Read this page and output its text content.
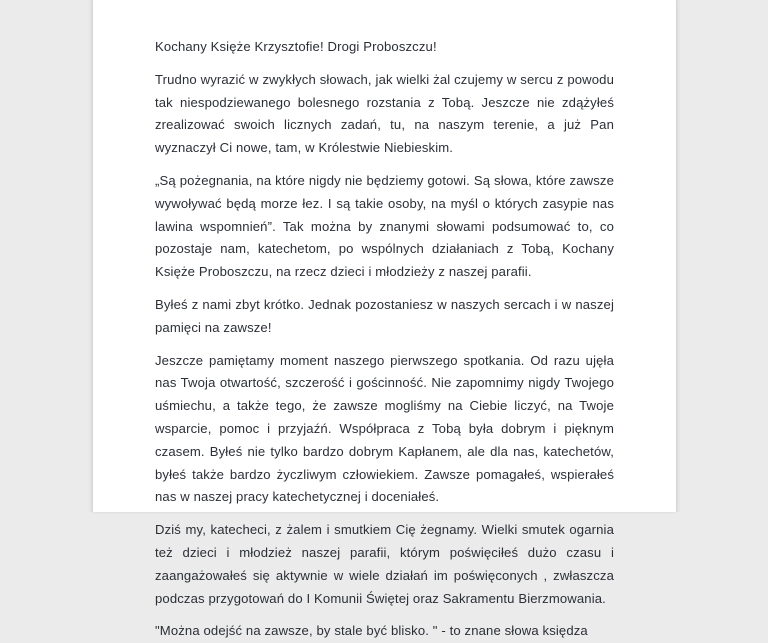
Kochany Księże Krzysztofie! Drogi Proboszczu!

Trudno wyrazić w zwykłych słowach, jak wielki żal czujemy w sercu z powodu tak niespodziewanego bolesnego rozstania z Tobą. Jeszcze nie zdążyłeś zrealizować swoich licznych zadań, tu, na naszym terenie, a już Pan wyznaczył Ci nowe, tam, w Królestwie Niebieskim.

„Są pożegnania, na które nigdy nie będziemy gotowi. Są słowa, które zawsze wywoływać będą morze łez. I są takie osoby, na myśl o których zasypie nas lawina wspomnień”. Tak można by znanymi słowami podsumować to, co pozostaje nam, katechetom, po wspólnych działaniach z Tobą, Kochany Księże Proboszczu, na rzecz dzieci i młodzieży z naszej parafii.

Byłeś z nami zbyt krótko. Jednak pozostaniesz w naszych sercach i w naszej pamięci na zawsze!

Jeszcze pamiętamy moment naszego pierwszego spotkania. Od razu ujęła nas Twoja otwartość, szczerość i gościnność. Nie zapomnimy nigdy Twojego uśmiechu, a także tego, że zawsze mogliśmy na Ciebie liczyć, na Twoje wsparcie, pomoc i przyjaźń. Współpraca z Tobą była dobrym i pięknym czasem. Byłeś nie tylko bardzo dobrym Kapłanem, ale dla nas, katechetów, byłeś także bardzo życzliwym człowiekiem. Zawsze pomagałeś, wspierałeś nas w naszej pracy katechetycznej i doceniałeś.

Dziś my, katecheci, z żalem i smutkiem Cię żegnamy. Wielki smutek ogarnia też dzieci i młodzież naszej parafii, którym poświęciłeś dużo czasu i zaangażowałeś się aktywnie w wiele działań im poświęconych , zwłaszcza podczas przygotowań do I Komunii Świętej oraz Sakramentu Bierzmowania.

"Można odejść na zawsze, by stale być blisko. " - to znane słowa księdza
